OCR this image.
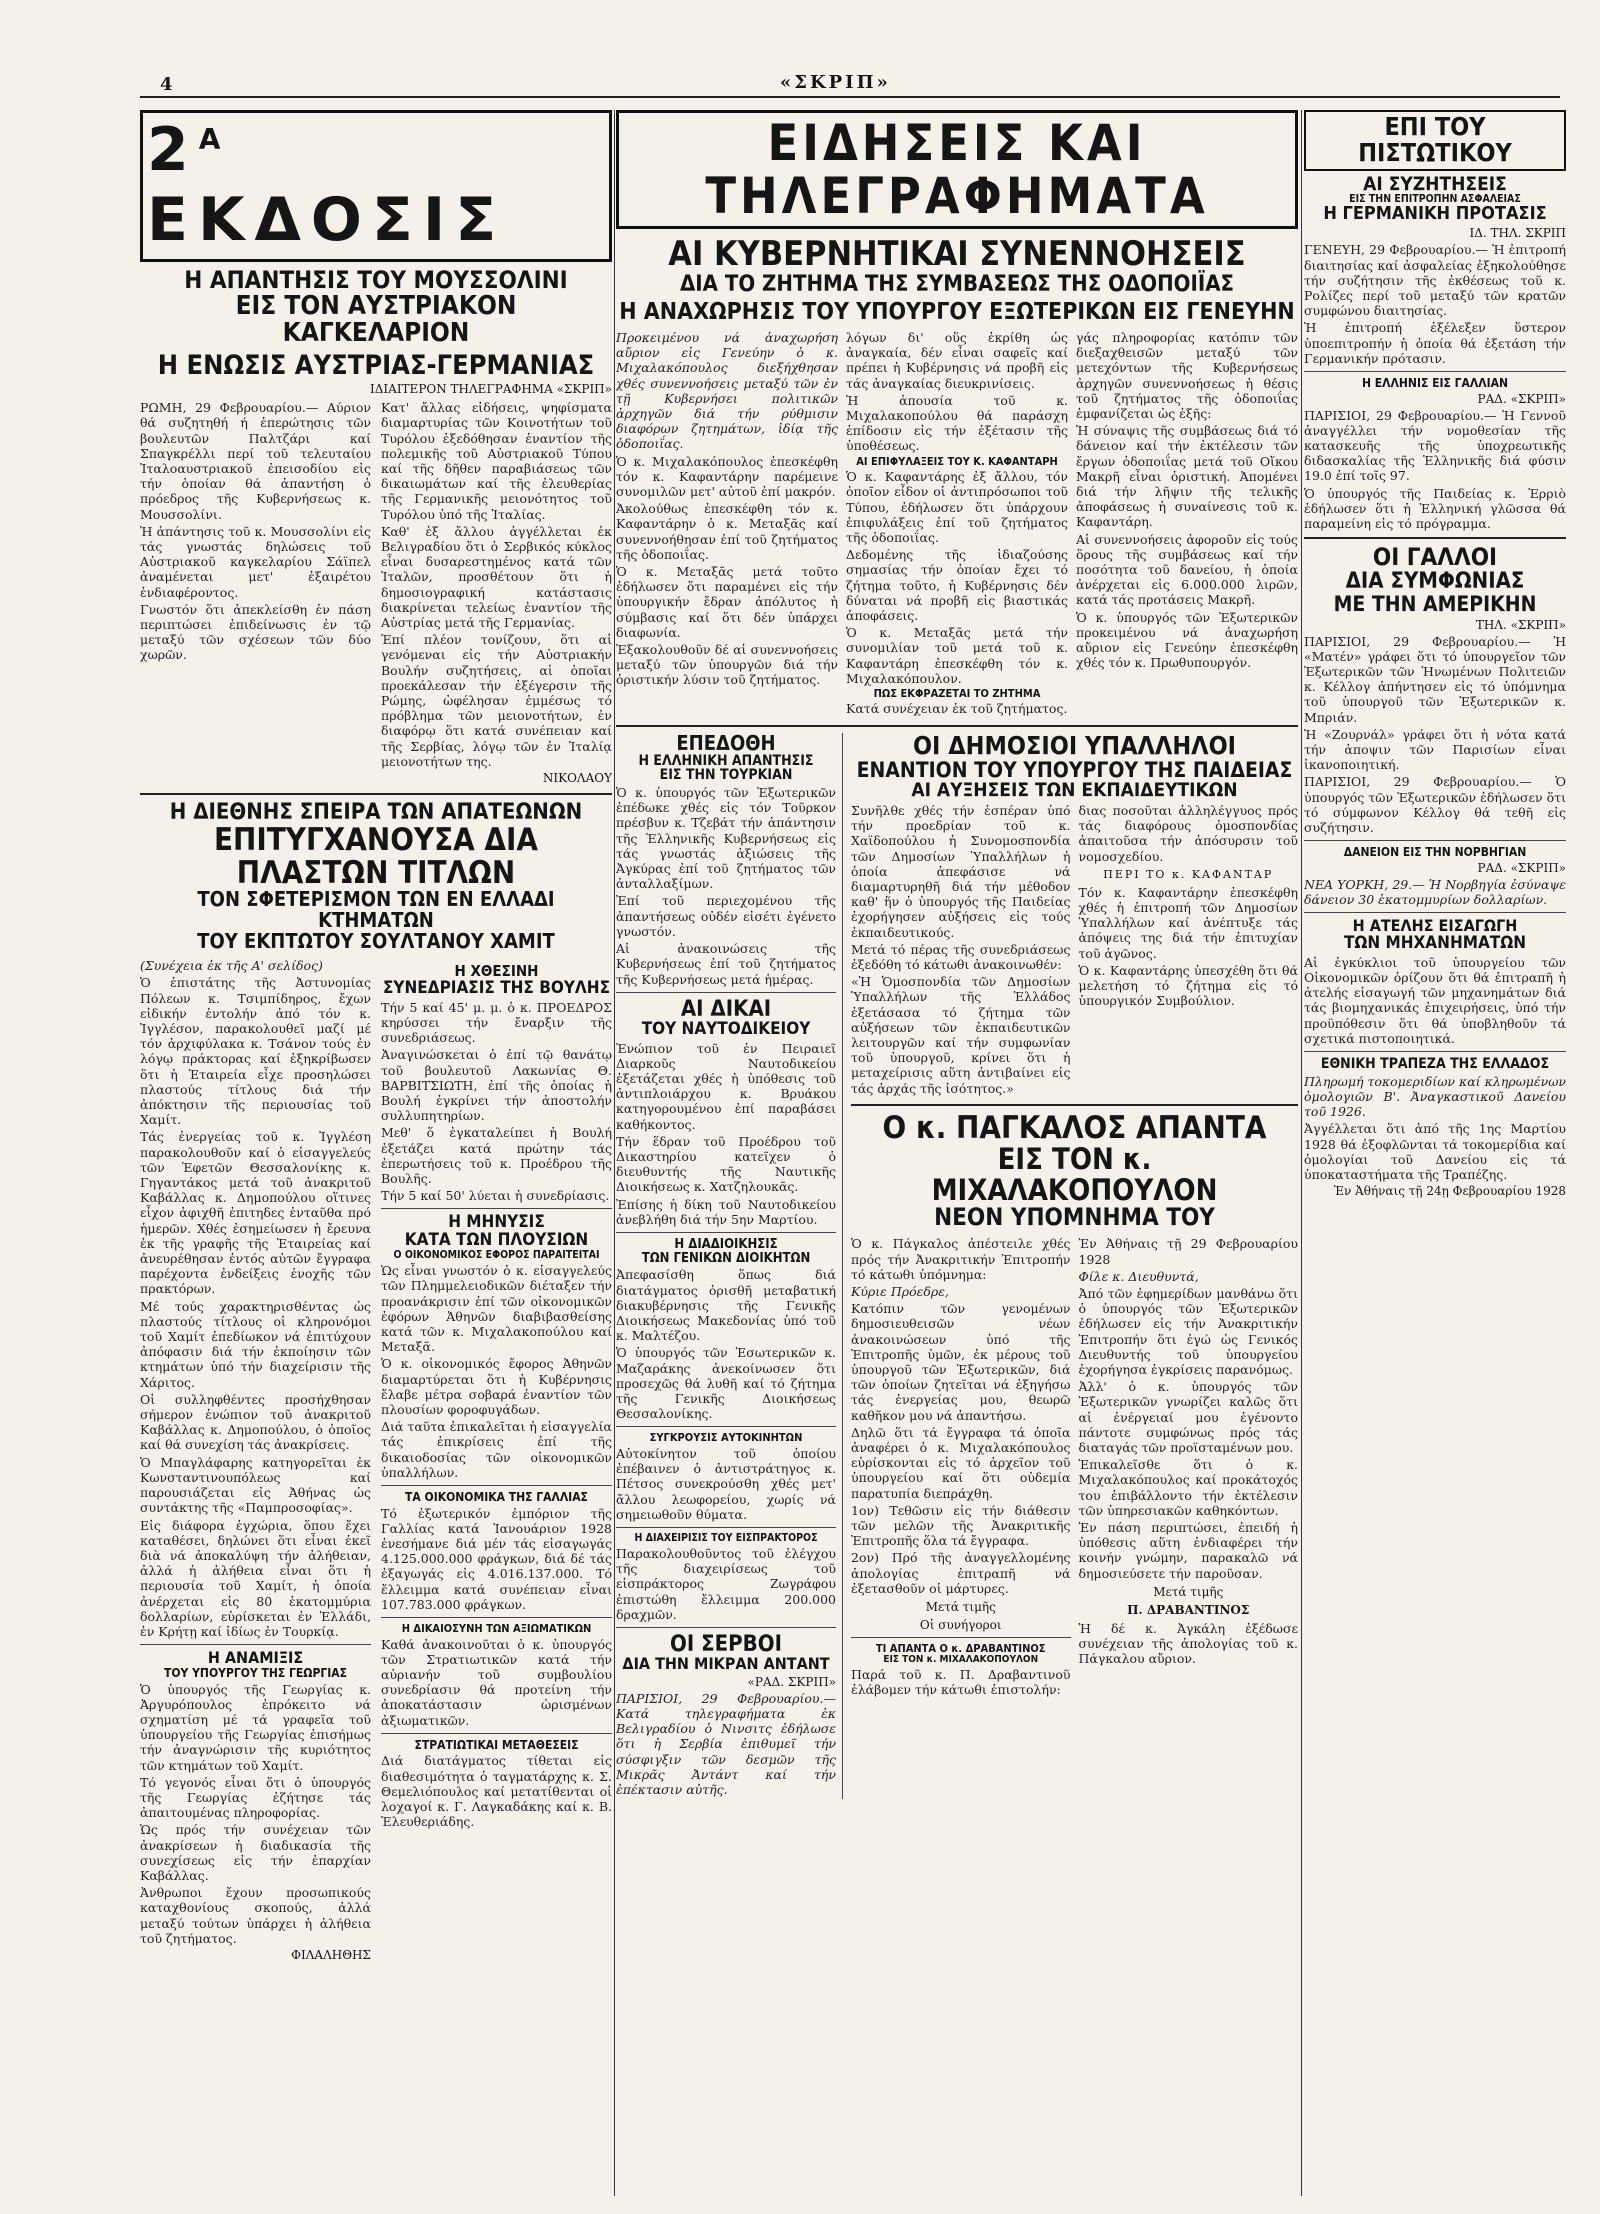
4	«ΣΚΡΙΠ»
$2^A$ ΕΚΔΟΣΙΣ

Η ΑΠΑΝΤΗΣΙΣ ΤΟΥ ΜΟΥΣΣΟΛΙΝΙ

ΕΙΣ ΤΟΝ ΑΥΣΤΡΙΑΚΟΝ ΚΑΓΚΕΛΑΡΙΟΝ

Η ΕΝΩΣΙΣ ΑΥΣΤΡΙΑΣ-ΓΕΡΜΑΝΙΑΣ

ΙΔΙΑΙΤΕΡΟΝ ΤΗΛΕΓΡΑΦΗΜΑ «ΣΚΡΙΠ»

ΡΩΜΗ, 29 Φεβρουαρίου.— Αύριον θά συζητηθή ή ἐπερώτησις τῶν βουλευτῶν Παλτζάρι καί Σπαγκρέλλι περί τοῦ τελευταίου Ἰταλοαυστριακοῦ ἐπεισοδίου εἰς τήν ὁποίαν θά ἀπαντήση ὁ πρόεδρος τῆς Κυβερνήσεως κ. Μουσσολίνι.

Ἡ ἀπάντησις τοῦ κ. Μουσσολίνι εἰς τάς γνωστάς δηλώσεις τοῦ Αὐστριακοῦ καγκελαρίου Σάϊπελ ἀναμένεται μετ' ἐξαιρέτου ἐνδιαφέροντος.

Γνωστόν ὅτι ἀπεκλείσθη ἐν πάση περιπτώσει ἐπιδείνωσις ἐν τῷ μεταξύ τῶν σχέσεων τῶν δύο χωρῶν.

Κατ' ἄλλας εἰδήσεις, ψηφίσματα διαμαρτυρίας τῶν Κοινοτήτων τοῦ Τυρόλου ἐξεδόθησαν ἐναντίον τῆς πολεμικῆς τοῦ Αὐστριακοῦ Τύπου καί τῆς δῆθεν παραβιάσεως τῶν δικαιωμάτων καί τῆς ἐλευθερίας τῆς Γερμανικῆς μειονότητος τοῦ Τυρόλου ὑπό τῆς Ἰταλίας.

Καθ' ἑξ ἄλλου ἀγγέλλεται ἐκ Βελιγραδίου ὅτι ὁ Σερβικός κύκλος εἶναι δυσαρεστημένος κατά τῶν Ἰταλῶν, προσθέτουν ὅτι ἡ δημοσιογραφική κατάστασις διακρίνεται τελείως ἐναντίον τῆς Αὐστρίας μετά τῆς Γερμανίας.

Ἐπί πλέον τονίζουν, ὅτι αἱ γενόμεναι εἰς τήν Αὐστριακήν Βουλήν συζητήσεις, αἱ ὁποῖαι προεκάλεσαν τήν ἐξέγερσιν τῆς Ρώμης, ὠφέλησαν ἐμμέσως τό πρόβλημα τῶν μειονοτήτων, ἐν διαφόρῳ ὅτι κατά συνέπειαν καί τῆς Σερβίας, λόγῳ τῶν ἐν Ἰταλίᾳ μειονοτήτων της.

ΝΙΚΟΛΑΟΥ

Η ΔΙΕΘΝΗΣ ΣΠΕΙΡΑ ΤΩΝ ΑΠΑΤΕΩΝΩΝ

ΕΠΙΤΥΓΧΑΝΟΥΣΑ ΔΙΑ ΠΛΑΣΤΩΝ ΤΙΤΛΩΝ

ΤΟΝ ΣΦΕΤΕΡΙΣΜΟΝ ΤΩΝ ΕΝ ΕΛΛΑΔΙ ΚΤΗΜΑΤΩΝ

ΤΟΥ ΕΚΠΤΩΤΟΥ ΣΟΥΛΤΑΝΟΥ ΧΑΜΙΤ

(Συνέχεια ἐκ τῆς Α' σελίδος)

Ὁ ἐπιστάτης τῆς Ἀστυνομίας Πόλεων κ. Τσιμπίδηρος, ἔχων εἰδικήν ἐντολήν ἀπό τόν κ. Ἰγγλέσον, παρακολουθεῖ μαζί μέ τόν ἀρχιφύλακα κ. Τσάνον τούς ἐν λόγῳ πράκτορας καί ἐξηκρίβωσεν ὅτι ἡ Ἑταιρεία εἶχε προσηλώσει πλαστούς τίτλους διά τήν ἀπόκτησιν τῆς περιουσίας τοῦ Χαμίτ.

Τάς ἐνεργείας τοῦ κ. Ἰγγλέση παρακολουθοῦν καί ὁ εἰσαγγελεύς τῶν Ἐφετῶν Θεσσαλονίκης κ. Γηγαντάκος μετά τοῦ ἀνακριτοῦ Καβάλλας κ. Δημοπούλου οἵτινες εἶχον ἀφιχθῆ ἐπιτηδες ἐνταῦθα πρό ἡμερῶν. Χθές ἐσημείωσεν ἡ ἔρευνα ἐκ τῆς γραφῆς τῆς Ἑταιρείας καί ἀνευρέθησαν ἐντός αὐτῶν ἔγγραφα παρέχοντα ἐνδείξεις ἐνοχῆς τῶν πρακτόρων.

Μέ τούς χαρακτηρισθέντας ὡς πλαστούς τίτλους οἱ κληρονόμοι τοῦ Χαμίτ ἐπεδίωκον νά ἐπιτύχουν ἀπόφασιν διά τήν ἐκποίησιν τῶν κτημάτων ὑπό τήν διαχείρισιν τῆς Χάριτος.

Οἱ συλληφθέντες προσήχθησαν σήμερον ἐνώπιον τοῦ ἀνακριτοῦ Καβάλλας κ. Δημοπούλου, ὁ ὁποῖος καί θά συνεχίση τάς ἀνακρίσεις.

Ὁ Μπαγλάφαρης κατηγορεῖται ἐκ Κωνσταντινουπόλεως καί παρουσιάζεται εἰς Ἀθήνας ὡς συντάκτης τῆς «Παμπροσοφίας».

Εἰς διάφορα ἐγχώρια, ὅπου ἔχει καταθέσει, δηλώνει ὅτι εἶναι ἐκεῖ διὰ νά ἀποκαλύψη τήν ἀλήθειαν, ἀλλά ἡ ἀλήθεια εἶναι ὅτι ἡ περιουσία τοῦ Χαμίτ, ἡ ὁποία ἀνέρχεται εἰς 80 ἑκατομμύρια δολλαρίων, εὑρίσκεται ἐν Ἑλλάδι, ἐν Κρήτῃ καί ἰδίως ἐν Τουρκίᾳ.

Η ΑΝΑΜΙΞΙΣ

ΤΟΥ ΥΠΟΥΡΓΟΥ ΤΗΣ ΓΕΩΡΓΙΑΣ

Ὁ ὑπουργός τῆς Γεωργίας κ. Ἀργυρόπουλος ἐπρόκειτο νά σχηματίση μέ τά γραφεῖα τοῦ ὑπουργείου τῆς Γεωργίας ἐπισήμως τήν ἀναγνώρισιν τῆς κυριότητος τῶν κτημάτων τοῦ Χαμίτ.

Τό γεγονός εἶναι ὅτι ὁ ὑπουργός τῆς Γεωργίας ἐζήτησε τάς ἀπαιτουμένας πληροφορίας.

Ὡς πρός τήν συνέχειαν τῶν ἀνακρίσεων ἡ διαδικασία τῆς συνεχίσεως εἰς τήν ἐπαρχίαν Καβάλλας.

Ἀνθρωποι ἔχουν προσωπικούς καταχθονίους σκοπούς, ἀλλά μεταξύ τούτων ὑπάρχει ἡ ἀλήθεια τοῦ ζητήματος.

ΦΙΛΑΛΗΘΗΣ

Η ΧΘΕΣΙΝΗ

ΣΥΝΕΔΡΙΑΣΙΣ ΤΗΣ ΒΟΥΛΗΣ

Τήν 5 καί 45' μ. μ. ὁ κ. ΠΡΟΕΔΡΟΣ κηρύσσει τήν ἔναρξιν τῆς συνεδριάσεως.

Ἀναγινώσκεται ὁ ἐπί τῷ θανάτῳ τοῦ βουλευτοῦ Λακωνίας Θ. ΒΑΡΒΙΤΣΙΩΤΗ, ἐπί τῆς ὁποίας ἡ Βουλή ἐγκρίνει τήν ἀποστολήν συλλυπητηρίων.

Μεθ' ὅ ἐγκαταλείπει ἡ Βουλή ἐξετάζει κατά πρώτην τάς ἐπερωτήσεις τοῦ κ. Προέδρου τῆς Βουλῆς.

Τήν 5 καί 50' λύεται ἡ συνεδρίασις.

Η ΜΗΝΥΣΙΣ

ΚΑΤΑ ΤΩΝ ΠΛΟΥΣΙΩΝ

Ο ΟΙΚΟΝΟΜΙΚΟΣ ΕΦΟΡΟΣ ΠΑΡΑΙΤΕΙΤΑΙ

Ὡς εἶναι γνωστόν ὁ κ. εἰσαγγελεύς τῶν Πλημμελειοδικῶν διέταξεν τήν προανάκρισιν ἐπί τῶν οἰκονομικῶν ἐφόρων Ἀθηνῶν διαβιβασθείσης κατά τῶν κ. Μιχαλακοπούλου καί Μεταξᾶ.

Ὁ κ. οἰκονομικός ἔφορος Ἀθηνῶν διαμαρτύρεται ὅτι ἡ Κυβέρνησις ἔλαβε μέτρα σοβαρά ἐναντίον τῶν πλουσίων φοροφυγάδων.

Διά ταῦτα ἐπικαλεῖται ἡ εἰσαγγελία τάς ἐπικρίσεις ἐπί τῆς δικαιοδοσίας τῶν οἰκονομικῶν ὑπαλλήλων.

ΤΑ ΟΙΚΟΝΟΜΙΚΑ ΤΗΣ ΓΑΛΛΙΑΣ

Τό ἐξωτερικόν ἐμπόριον τῆς Γαλλίας κατά Ἰανουάριον 1928 ἐνεσήμανε διά μέν τάς εἰσαγωγάς 4.125.000.000 φράγκων, διά δέ τάς ἐξαγωγάς εἰς 4.016.137.000. Τό ἔλλειμμα κατά συνέπειαν εἶναι 107.783.000 φράγκων.

Η ΔΙΚΑΙΟΣΥΝΗ ΤΩΝ ΑΞΙΩΜΑΤΙΚΩΝ

Καθά ἀνακοινοῦται ὁ κ. ὑπουργός τῶν Στρατιωτικῶν κατά τήν αὐριανήν τοῦ συμβουλίου συνεδρίασιν θά προτείνη τήν ἀποκατάστασιν ὡρισμένων ἀξιωματικῶν.

ΣΤΡΑΤΙΩΤΙΚΑΙ ΜΕΤΑΘΕΣΕΙΣ

Διά διατάγματος τίθεται εἰς διαθεσιμότητα ὁ ταγματάρχης κ. Σ. Θεμελιόπουλος καί μετατίθενται οἱ λοχαγοί κ. Γ. Λαγκαδάκης καί κ. Β. Ἐλευθεριάδης.

ΕΙΔΗΣΕΙΣ ΚΑΙ ΤΗΛΕΓΡΑΦΗΜΑΤΑ

ΑΙ ΚΥΒΕΡΝΗΤΙΚΑΙ ΣΥΝΕΝΝΟΗΣΕΙΣ

ΔΙΑ ΤΟ ΖΗΤΗΜΑ ΤΗΣ ΣΥΜΒΑΣΕΩΣ ΤΗΣ ΟΔΟΠΟΙΪΑΣ

Η ΑΝΑΧΩΡΗΣΙΣ ΤΟΥ ΥΠΟΥΡΓΟΥ ΕΞΩΤΕΡΙΚΩΝ ΕΙΣ ΓΕΝΕΥΗΝ

Προκειμένου νά ἀναχωρήση αὔριον εἰς Γενεύην ὁ κ. Μιχαλακόπουλος διεξήχθησαν χθές συνεννοήσεις μεταξύ τῶν ἐν τῇ Κυβερνήσει πολιτικῶν ἀρχηγῶν διά τήν ρύθμισιν διαφόρων ζητημάτων, ἰδίᾳ τῆς ὁδοποιΐας.

Ὁ κ. Μιχαλακόπουλος ἐπεσκέφθη τόν κ. Καφαντάρην παρέμεινε συνομιλῶν μετ' αὐτοῦ ἐπί μακρόν.

Ἀκολούθως ἐπεσκέφθη τόν κ. Καφαντάρην ὁ κ. Μεταξᾶς καί συνεννοήθησαν ἐπί τοῦ ζητήματος τῆς ὁδοποιΐας.

Ὁ κ. Μεταξᾶς μετά τοῦτο ἐδήλωσεν ὅτι παραμένει εἰς τήν ὑπουργικήν ἔδραν ἀπόλυτος ἡ σύμβασις καί ὅτι δέν ὑπάρχει διαφωνία.

Ἐξακολουθοῦν δέ αἱ συνεννοήσεις μεταξύ τῶν ὑπουργῶν διά τήν ὁριστικήν λύσιν τοῦ ζητήματος.

λόγων δι' οὕς ἐκρίθη ὡς ἀναγκαία, δέν εἶναι σαφεῖς καί πρέπει ἡ Κυβέρνησις νά προβῆ εἰς τάς ἀναγκαίας διευκρινίσεις.

Ἡ ἀπουσία τοῦ κ. Μιχαλακοπούλου θά παράσχη ἐπίδοσιν εἰς τήν ἐξέτασιν τῆς ὑποθέσεως.

ΑΙ ΕΠΙΦΥΛΑΞΕΙΣ ΤΟΥ Κ. ΚΑΦΑΝΤΑΡΗ

Ὁ κ. Καφαντάρης ἐξ ἄλλου, τόν ὁποῖον εἶδον οἱ ἀντιπρόσωποι τοῦ Τύπου, ἐδήλωσεν ὅτι ὑπάρχουν ἐπιφυλάξεις ἐπί τοῦ ζητήματος τῆς ὁδοποιΐας.

Δεδομένης τῆς ἰδιαζούσης σημασίας τήν ὁποίαν ἔχει τό ζήτημα τοῦτο, ἡ Κυβέρνησις δέν δύναται νά προβῆ εἰς βιαστικάς ἀποφάσεις.

Ὁ κ. Μεταξᾶς μετά τήν συνομιλίαν τοῦ μετά τοῦ κ. Καφαντάρη ἐπεσκέφθη τόν κ. Μιχαλακόπουλον.

ΠΩΣ ΕΚΦΡΑΖΕΤΑΙ ΤΟ ΖΗΤΗΜΑ

Κατά συνέχειαν ἐκ τοῦ ζητήματος.

γάς πληροφορίας κατόπιν τῶν διεξαχθεισῶν μεταξύ τῶν μετεχόντων τῆς Κυβερνήσεως ἀρχηγῶν συνεννοήσεως ἡ θέσις τοῦ ζητήματος τῆς ὁδοποιΐας ἐμφανίζεται ὡς ἑξῆς:

Ἡ σύναψις τῆς συμβάσεως διά τό δάνειον καί τήν ἐκτέλεσιν τῶν ἔργων ὁδοποιΐας μετά τοῦ Οἴκου Μακρῆ εἶναι ὁριστική. Ἀπομένει διά τήν λῆψιν τῆς τελικῆς ἀποφάσεως ἡ συναίνεσις τοῦ κ. Καφαντάρη.

Αἱ συνεννοήσεις ἀφοροῦν εἰς τούς ὅρους τῆς συμβάσεως καί τήν ποσότητα τοῦ δανείου, ἡ ὁποία ἀνέρχεται εἰς 6.000.000 λιρῶν, κατά τάς προτάσεις Μακρῆ.

Ὁ κ. ὑπουργός τῶν Ἐξωτερικῶν προκειμένου νά ἀναχωρήση αὔριον εἰς Γενεύην ἐπεσκέφθη χθές τόν κ. Πρωθυπουργόν.

ΕΠΕΔΟΘΗ

Η ΕΛΛΗΝΙΚΗ ΑΠΑΝΤΗΣΙΣ

ΕΙΣ ΤΗΝ ΤΟΥΡΚΙΑΝ

Ὁ κ. ὑπουργός τῶν Ἐξωτερικῶν ἐπέδωκε χθές εἰς τόν Τοῦρκον πρέσβυν κ. Τζεβάτ τήν ἀπάντησιν τῆς Ἑλληνικῆς Κυβερνήσεως εἰς τάς γνωστάς ἀξιώσεις τῆς Ἀγκύρας ἐπί τοῦ ζητήματος τῶν ἀνταλλαξίμων.

Ἐπί τοῦ περιεχομένου τῆς ἀπαντήσεως οὐδέν εἰσέτι ἐγένετο γνωστόν.

Αἱ ἀνακοινώσεις τῆς Κυβερνήσεως ἐπί τοῦ ζητήματος τῆς Κυβερνήσεως μετά ἡμέρας.

ΑΙ ΔΙΚΑΙ

ΤΟΥ ΝΑΥΤΟΔΙΚΕΙΟΥ

Ἐνώπιον τοῦ ἐν Πειραιεῖ Διαρκοῦς Ναυτοδικείου ἐξετάζεται χθές ἡ ὑπόθεσις τοῦ ἀντιπλοιάρχου κ. Βρυάκου κατηγορουμένου ἐπί παραβάσει καθήκοντος.

Τήν ἕδραν τοῦ Προέδρου τοῦ Δικαστηρίου κατεῖχεν ὁ διευθυντής τῆς Ναυτικῆς Διοικήσεως κ. Χατζηλουκᾶς.

Ἐπίσης ἡ δίκη τοῦ Ναυτοδικείου ἀνεβλήθη διά τήν 5ην Μαρτίου.

Η ΔΙΑΔΙΟΙΚΗΣΙΣ

ΤΩΝ ΓΕΝΙΚΩΝ ΔΙΟΙΚΗΤΩΝ

Ἀπεφασίσθη ὅπως διά διατάγματος ὁρισθῆ μεταβατική διακυβέρνησις τῆς Γενικῆς Διοικήσεως Μακεδονίας ὑπό τοῦ κ. Μαλτέζου.

Ὁ ὑπουργός τῶν Ἐσωτερικῶν κ. Μαζαράκης ἀνεκοίνωσεν ὅτι προσεχῶς θά λυθῆ καί τό ζήτημα τῆς Γενικῆς Διοικήσεως Θεσσαλονίκης.

ΣΥΓΚΡΟΥΣΙΣ ΑΥΤΟΚΙΝΗΤΩΝ

Αὐτοκίνητον τοῦ ὁποίου ἐπέβαινεν ὁ ἀντιστράτηγος κ. Πέτσος συνεκρούσθη χθές μετ' ἄλλου λεωφορείου, χωρίς νά σημειωθοῦν θύματα.

Η ΔΙΑΧΕΙΡΙΣΙΣ ΤΟΥ ΕΙΣΠΡΑΚΤΟΡΟΣ

Παρακολουθοῦντος τοῦ ἐλέγχου τῆς διαχειρίσεως τοῦ εἰσπράκτορος Ζωγράφου ἐπιστώθη ἔλλειμμα 200.000 δραχμῶν.

ΟΙ ΣΕΡΒΟΙ

ΔΙΑ ΤΗΝ ΜΙΚΡΑΝ ΑΝΤΑΝΤ

«ΡΑΔ. ΣΚΡΙΠ»

ΠΑΡΙΣΙΟΙ, 29 Φεβρουαρίου.— Κατά τηλεγραφήματα ἐκ Βελιγραδίου ὁ Νινσιτς ἐδήλωσε ὅτι ἡ Σερβία ἐπιθυμεῖ τήν σύσφιγξιν τῶν δεσμῶν τῆς Μικρᾶς Ἀντάντ καί τήν ἐπέκτασιν αὐτῆς.

ΟΙ ΔΗΜΟΣΙΟΙ ΥΠΑΛΛΗΛΟΙ

ΕΝΑΝΤΙΟΝ ΤΟΥ ΥΠΟΥΡΓΟΥ ΤΗΣ ΠΑΙΔΕΙΑΣ

ΑΙ ΑΥΞΗΣΕΙΣ ΤΩΝ ΕΚΠΑΙΔΕΥΤΙΚΩΝ

Συνῆλθε χθές τήν ἑσπέραν ὑπό τήν προεδρίαν τοῦ κ. Χαϊδοπούλου ἡ Συνομοσπονδία τῶν Δημοσίων Ὑπαλλήλων ἡ ὁποία ἀπεφάσισε νά διαμαρτυρηθῆ διά τήν μέθοδον καθ' ἥν ὁ ὑπουργός τῆς Παιδείας ἐχορήγησεν αὐξήσεις εἰς τούς ἐκπαιδευτικούς.

Μετά τό πέρας τῆς συνεδριάσεως ἐξεδόθη τό κάτωθι ἀνακοινωθέν:

«Ἡ Ὁμοσπονδία τῶν Δημοσίων Ὑπαλλήλων τῆς Ἑλλάδος ἐξετάσασα τό ζήτημα τῶν αὐξήσεων τῶν ἐκπαιδευτικῶν λειτουργῶν καί τήν συμφωνίαν τοῦ ὑπουργοῦ, κρίνει ὅτι ἡ μεταχείρισις αὕτη ἀντιβαίνει εἰς τάς ἀρχάς τῆς ἰσότητος.»

διας ποσοῦται ἀλληλέγγυος πρός τάς διαφόρους ὁμοσπονδίας ἀπαιτοῦσα τήν ἀπόσυρσιν τοῦ νομοσχεδίου.

ΠΕΡΙ ΤΟ κ. ΚΑΦΑΝΤΑΡ

Τόν κ. Καφαντάρην ἐπεσκέφθη χθές ἡ ἐπιτροπή τῶν Δημοσίων Ὑπαλλήλων καί ἀνέπτυξε τάς ἀπόψεις της διά τήν ἐπιτυχίαν τοῦ ἀγῶνος.

Ὁ κ. Καφαντάρης ὑπεσχέθη ὅτι θά μελετήση τό ζήτημα εἰς τό ὑπουργικόν Συμβούλιον.

Ο κ. ΠΑΓΚΑΛΟΣ ΑΠΑΝΤΑ

ΕΙΣ ΤΟΝ κ. ΜΙΧΑΛΑΚΟΠΟΥΛΟΝ

ΝΕΟΝ ΥΠΟΜΝΗΜΑ ΤΟΥ

Ὁ κ. Πάγκαλος ἀπέστειλε χθές πρός τήν Ἀνακριτικήν Ἐπιτροπήν τό κάτωθι ὑπόμνημα:

Κύριε Πρόεδρε,

Κατόπιν τῶν γενομένων δημοσιευθεισῶν νέων ἀνακοινώσεων ὑπό τῆς Ἐπιτροπῆς ὑμῶν, ἐκ μέρους τοῦ ὑπουργοῦ τῶν Ἐξωτερικῶν, διά τῶν ὁποίων ζητεῖται νά ἐξηγήσω τάς ἐνεργείας μου, θεωρῶ καθῆκον μου νά ἀπαντήσω.

Δηλῶ ὅτι τά ἔγγραφα τά ὁποῖα ἀναφέρει ὁ κ. Μιχαλακόπουλος εὑρίσκονται εἰς τό ἀρχεῖον τοῦ ὑπουργείου καί ὅτι οὐδεμία παρατυπία διεπράχθη.

1ον) Τεθῶσιν εἰς τήν διάθεσιν τῶν μελῶν τῆς Ἀνακριτικῆς Ἐπιτροπῆς ὅλα τά ἔγγραφα.

2ον) Πρό τῆς ἀναγγελλομένης ἀπολογίας ἐπιτραπῆ νά ἐξετασθοῦν οἱ μάρτυρες.

Μετά τιμῆς

Οἱ συνήγοροι

ΤΙ ΑΠΑΝΤΑ Ο κ. ΔΡΑΒΑΝΤΙΝΟΣ

ΕΙΣ ΤΟΝ κ. ΜΙΧΑΛΑΚΟΠΟΥΛΟΝ

Παρά τοῦ κ. Π. Δραβαντινοῦ ἐλάβομεν τήν κάτωθι ἐπιστολήν:

Ἐν Ἀθήναις τῇ 29 Φεβρουαρίου 1928

Φίλε κ. Διευθυντά,

Ἀπό τῶν ἐφημερίδων μανθάνω ὅτι ὁ ὑπουργός τῶν Ἐξωτερικῶν ἐδήλωσεν εἰς τήν Ἀνακριτικήν Ἐπιτροπήν ὅτι ἐγώ ὡς Γενικός Διευθυντής τοῦ ὑπουργείου ἐχορήγησα ἐγκρίσεις παρανόμως.

Ἀλλ' ὁ κ. ὑπουργός τῶν Ἐξωτερικῶν γνωρίζει καλῶς ὅτι αἱ ἐνέργειαί μου ἐγένοντο πάντοτε συμφώνως πρός τάς διαταγάς τῶν προϊσταμένων μου.

Ἐπικαλεῖσθε ὅτι ὁ κ. Μιχαλακόπουλος καί προκάτοχός του ἐπιβάλλοντο τήν ἐκτέλεσιν τῶν ὑπηρεσιακῶν καθηκόντων.

Ἐν πάση περιπτώσει, ἐπειδή ἡ ὑπόθεσις αὕτη ἐνδιαφέρει τήν κοινήν γνώμην, παρακαλῶ νά δημοσιεύσετε τήν παροῦσαν.

Μετά τιμῆς

Π. ΔΡΑΒΑΝΤΙΝΟΣ

Ἡ δέ κ. Ἀγκάλη ἐξέδωσε συνέχειαν τῆς ἀπολογίας τοῦ κ. Πάγκαλου αὔριον.

ΕΠΙ ΤΟΥ ΠΙΣΤΩΤΙΚΟΥ

ΑΙ ΣΥΖΗΤΗΣΕΙΣ

ΕΙΣ ΤΗΝ ΕΠΙΤΡΟΠΗΝ ΑΣΦΑΛΕΙΑΣ

Η ΓΕΡΜΑΝΙΚΗ ΠΡΟΤΑΣΙΣ

ΙΔ. ΤΗΛ. ΣΚΡΙΠ

ΓΕΝΕΥΗ, 29 Φεβρουαρίου.— Ἡ ἐπιτροπή διαιτησίας καί ἀσφαλείας ἐξηκολούθησε τήν συζήτησιν τῆς ἐκθέσεως τοῦ κ. Ρολίζες περί τοῦ μεταξύ τῶν κρατῶν συμφώνου διαιτησίας.

Ἡ ἐπιτροπή ἐξέλεξεν ὕστερον ὑποεπιτροπήν ἡ ὁποία θά ἐξετάση τήν Γερμανικήν πρότασιν.

Η ΕΛΛΗΝΙΣ ΕΙΣ ΓΑΛΛΙΑΝ

ΡΑΔ. «ΣΚΡΙΠ»

ΠΑΡΙΣΙΟΙ, 29 Φεβρουαρίου.— Ἡ Γεννοῦ ἀναγγέλλει τήν νομοθεσίαν τῆς κατασκευῆς τῆς ὑποχρεωτικῆς διδασκαλίας τῆς Ἑλληνικῆς διά φύσιν 19.0 ἐπί τοῖς 97.

Ὁ ὑπουργός τῆς Παιδείας κ. Ἐρριὸ ἐδήλωσεν ὅτι ἡ Ἑλληνική γλῶσσα θά παραμείνη εἰς τό πρόγραμμα.

ΟΙ ΓΑΛΛΟΙ

ΔΙΑ ΣΥΜΦΩΝΙΑΣ

ΜΕ ΤΗΝ ΑΜΕΡΙΚΗΝ

ΤΗΛ. «ΣΚΡΙΠ»

ΠΑΡΙΣΙΟΙ, 29 Φεβρουαρίου.— Ἡ «Ματέν» γράφει ὅτι τό ὑπουργεῖον τῶν Ἐξωτερικῶν τῶν Ἡνωμένων Πολιτειῶν κ. Κέλλογ ἀπήντησεν εἰς τό ὑπόμνημα τοῦ ὑπουργοῦ τῶν Ἐξωτερικῶν κ. Μπριάν.

Ἡ «Ζουρνάλ» γράφει ὅτι ἡ νότα κατά τήν ἀποψιν τῶν Παρισίων εἶναι ἱκανοποιητική.

ΠΑΡΙΣΙΟΙ, 29 Φεβρουαρίου.— Ὁ ὑπουργός τῶν Ἐξωτερικῶν ἐδήλωσεν ὅτι τό σύμφωνον Κέλλογ θά τεθῆ εἰς συζήτησιν.

ΔΑΝΕΙΟΝ ΕΙΣ ΤΗΝ ΝΟΡΒΗΓΙΑΝ

ΡΑΔ. «ΣΚΡΙΠ»

ΝΕΑ ΥΟΡΚΗ, 29.— Ἡ Νορβηγία ἐσύναψε δάνειον 30 ἑκατομμυρίων δολλαρίων.

Η ΑΤΕΛΗΣ ΕΙΣΑΓΩΓΗ

ΤΩΝ ΜΗΧΑΝΗΜΑΤΩΝ

Αἱ ἐγκύκλιοι τοῦ ὑπουργείου τῶν Οἰκονομικῶν ὁρίζουν ὅτι θά ἐπιτραπῆ ἡ ἀτελής εἰσαγωγή τῶν μηχανημάτων διά τάς βιομηχανικάς ἐπιχειρήσεις, ὑπό τήν προϋπόθεσιν ὅτι θά ὑποβληθοῦν τά σχετικά πιστοποιητικά.

ΕΘΝΙΚΗ ΤΡΑΠΕΖΑ ΤΗΣ ΕΛΛΑΔΟΣ

Πληρωμή τοκομεριδίων καί κληρωμένων ὁμολογιῶν Β'. Ἀναγκαστικοῦ Δανείου τοῦ 1926.

Ἀγγέλλεται ὅτι ἀπό τῆς 1ης Μαρτίου 1928 θά ἐξοφλῶνται τά τοκομερίδια καί ὁμολογίαι τοῦ Δανείου εἰς τά ὑποκαταστήματα τῆς Τραπέζης.

Ἐν Ἀθήναις τῇ 24ῃ Φεβρουαρίου 1928
